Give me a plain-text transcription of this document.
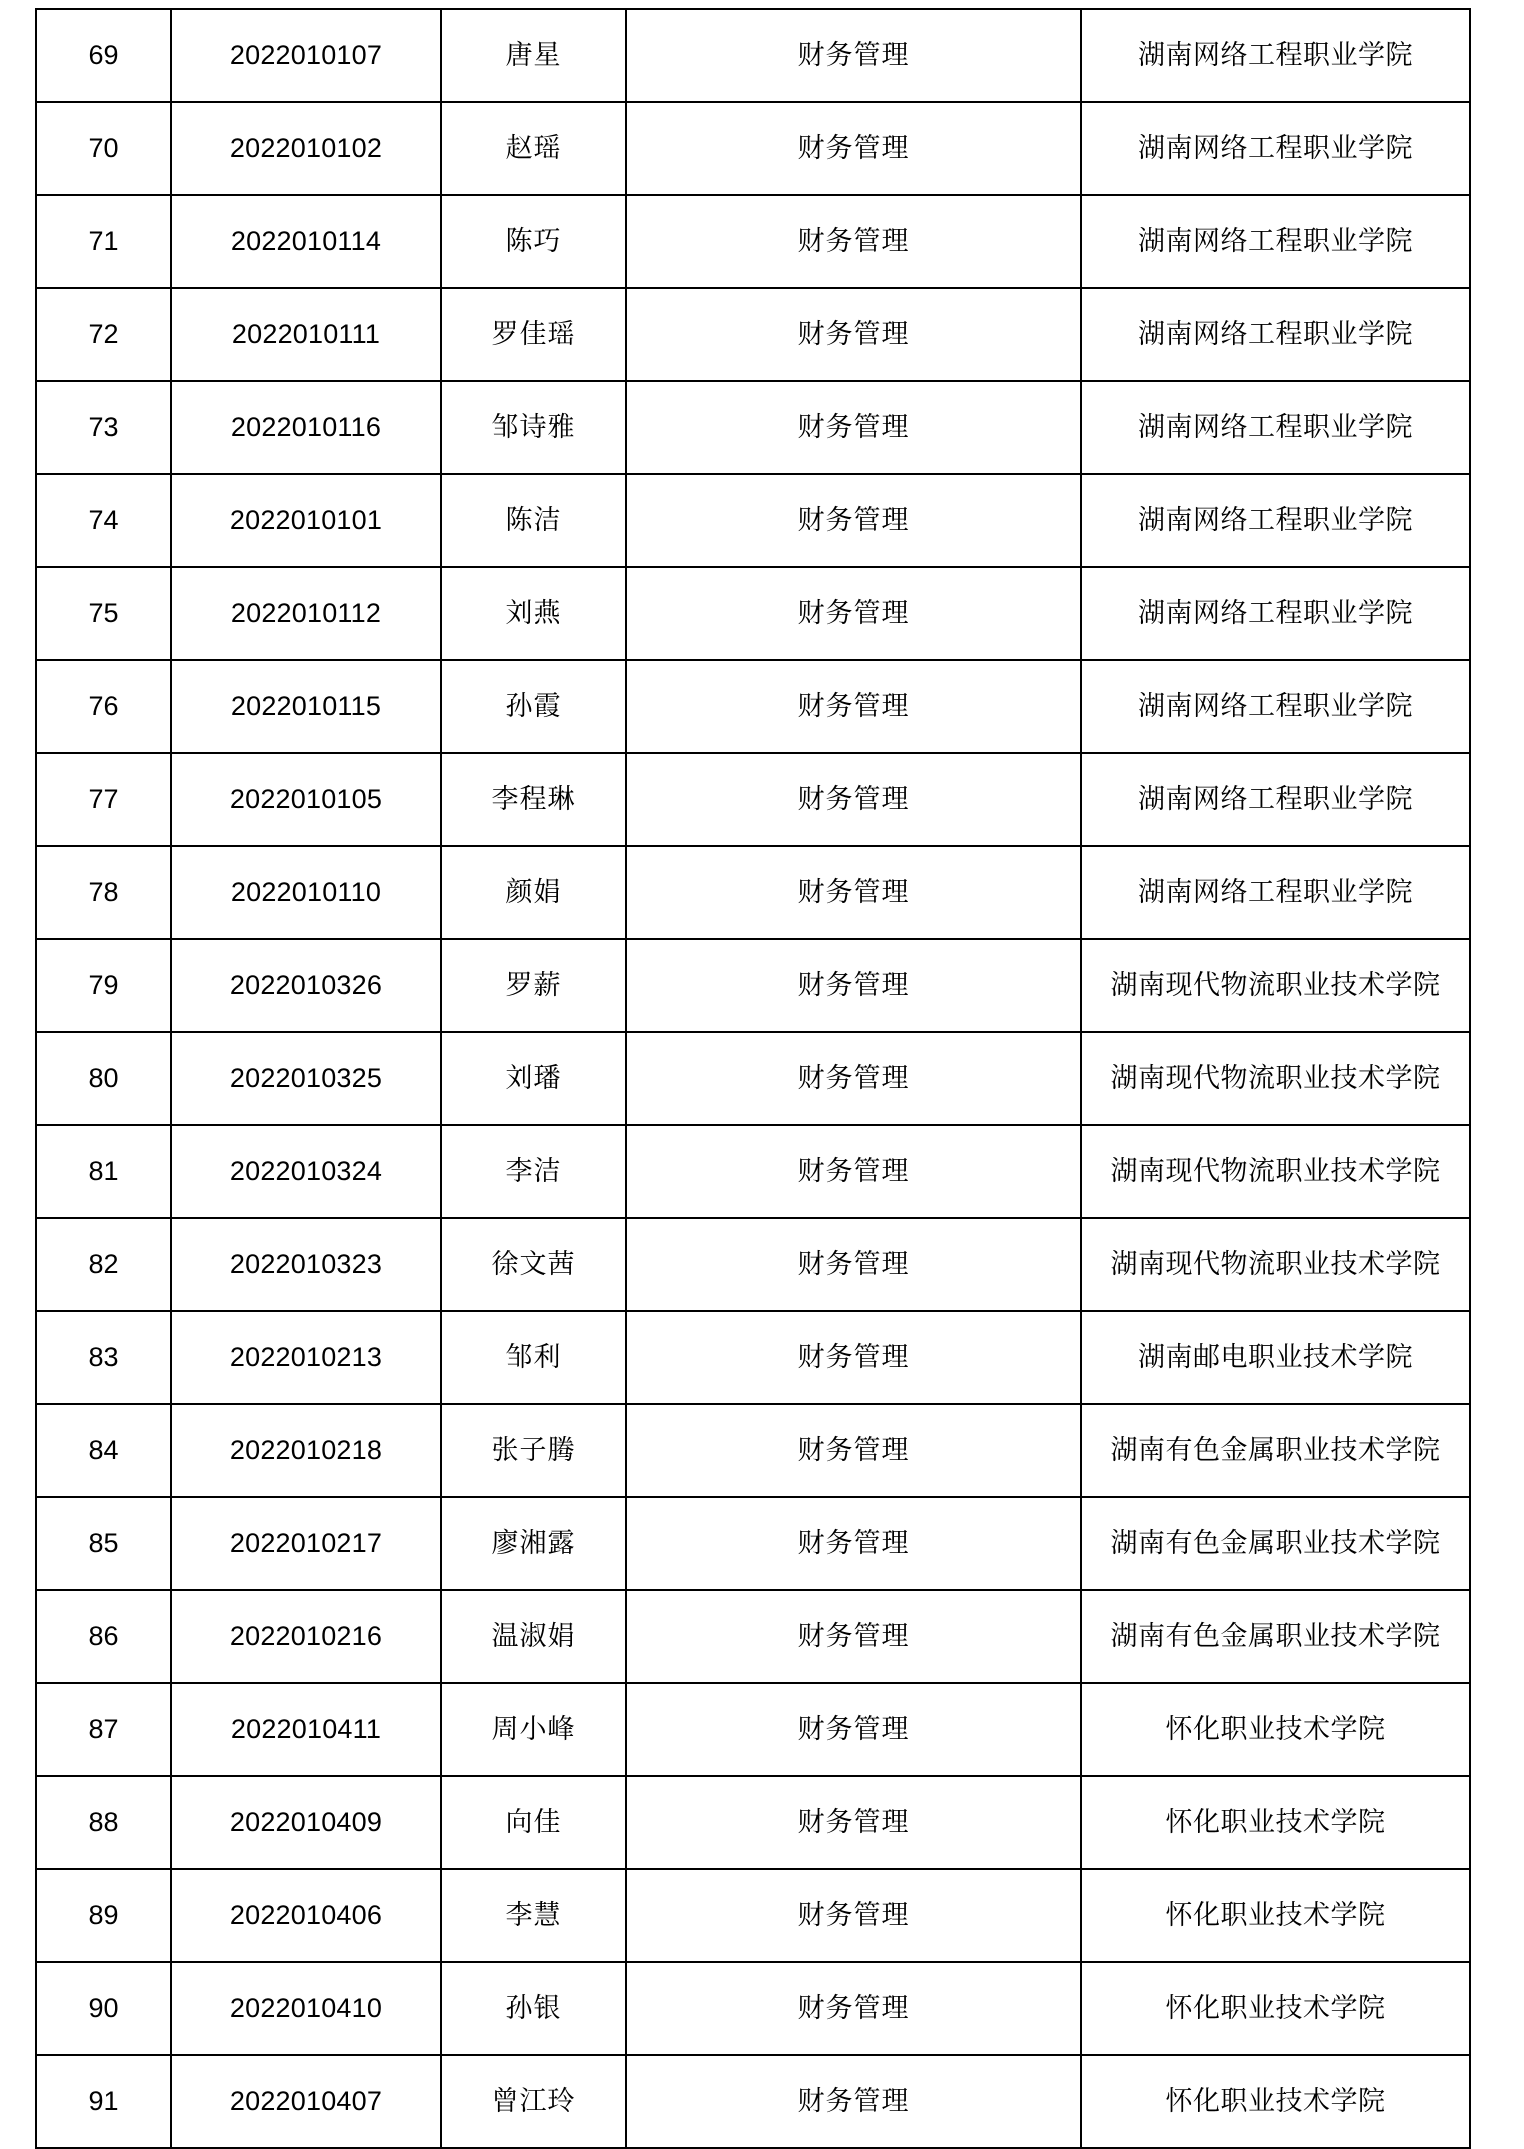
69	2022010107	唐星	财务管理	湖南网络工程职业学院
70	2022010102	赵瑶	财务管理	湖南网络工程职业学院
71	2022010114	陈巧	财务管理	湖南网络工程职业学院
72	2022010111	罗佳瑶	财务管理	湖南网络工程职业学院
73	2022010116	邹诗雅	财务管理	湖南网络工程职业学院
74	2022010101	陈洁	财务管理	湖南网络工程职业学院
75	2022010112	刘燕	财务管理	湖南网络工程职业学院
76	2022010115	孙霞	财务管理	湖南网络工程职业学院
77	2022010105	李程琳	财务管理	湖南网络工程职业学院
78	2022010110	颜娟	财务管理	湖南网络工程职业学院
79	2022010326	罗薪	财务管理	湖南现代物流职业技术学院
80	2022010325	刘璠	财务管理	湖南现代物流职业技术学院
81	2022010324	李洁	财务管理	湖南现代物流职业技术学院
82	2022010323	徐文茜	财务管理	湖南现代物流职业技术学院
83	2022010213	邹利	财务管理	湖南邮电职业技术学院
84	2022010218	张子腾	财务管理	湖南有色金属职业技术学院
85	2022010217	廖湘露	财务管理	湖南有色金属职业技术学院
86	2022010216	温淑娟	财务管理	湖南有色金属职业技术学院
87	2022010411	周小峰	财务管理	怀化职业技术学院
88	2022010409	向佳	财务管理	怀化职业技术学院
89	2022010406	李慧	财务管理	怀化职业技术学院
90	2022010410	孙银	财务管理	怀化职业技术学院
91	2022010407	曾江玲	财务管理	怀化职业技术学院
